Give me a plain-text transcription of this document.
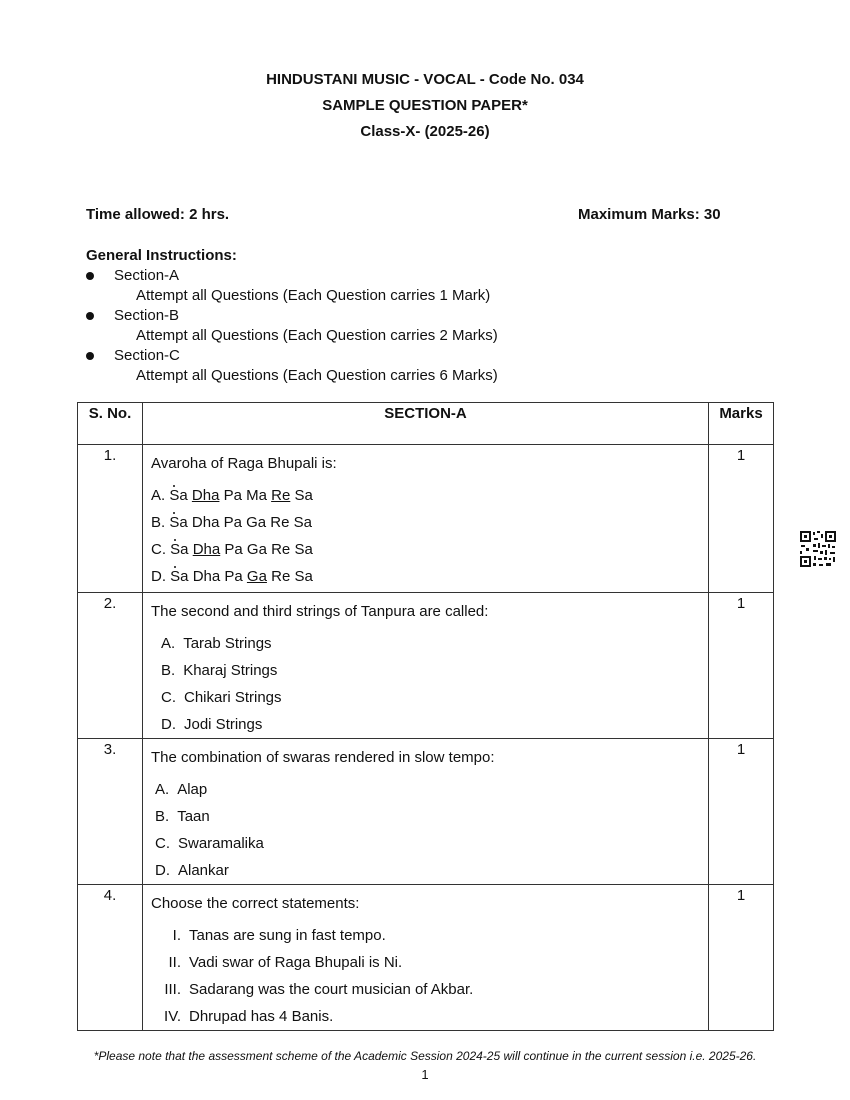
HINDUSTANI MUSIC - VOCAL - Code No. 034
SAMPLE QUESTION PAPER*
Class-X- (2025-26)
Time allowed: 2 hrs.	Maximum Marks: 30
General Instructions:
Section-A
Attempt all Questions (Each Question carries 1 Mark)
Section-B
Attempt all Questions (Each Question carries 2 Marks)
Section-C
Attempt all Questions (Each Question carries 6 Marks)
S. No.	SECTION-A	Marks
1.	Avaroha of Raga Bhupali is:
A. Sa Dha Pa Ma Re Sa
B. Sa Dha Pa Ga Re Sa
C. Sa Dha Pa Ga Re Sa
D. Sa Dha Pa Ga Re Sa	1
2.	The second and third strings of Tanpura are called:
A. Tarab Strings
B. Kharaj Strings
C. Chikari Strings
D. Jodi Strings	1
3.	The combination of swaras rendered in slow tempo:
A. Alap
B. Taan
C. Swaramalika
D. Alankar	1
4.	Choose the correct statements:
I. Tanas are sung in fast tempo.
II. Vadi swar of Raga Bhupali is Ni.
III. Sadarang was the court musician of Akbar.
IV. Dhrupad has 4 Banis.	1
*Please note that the assessment scheme of the Academic Session 2024-25 will continue in the current session i.e. 2025-26.
1
